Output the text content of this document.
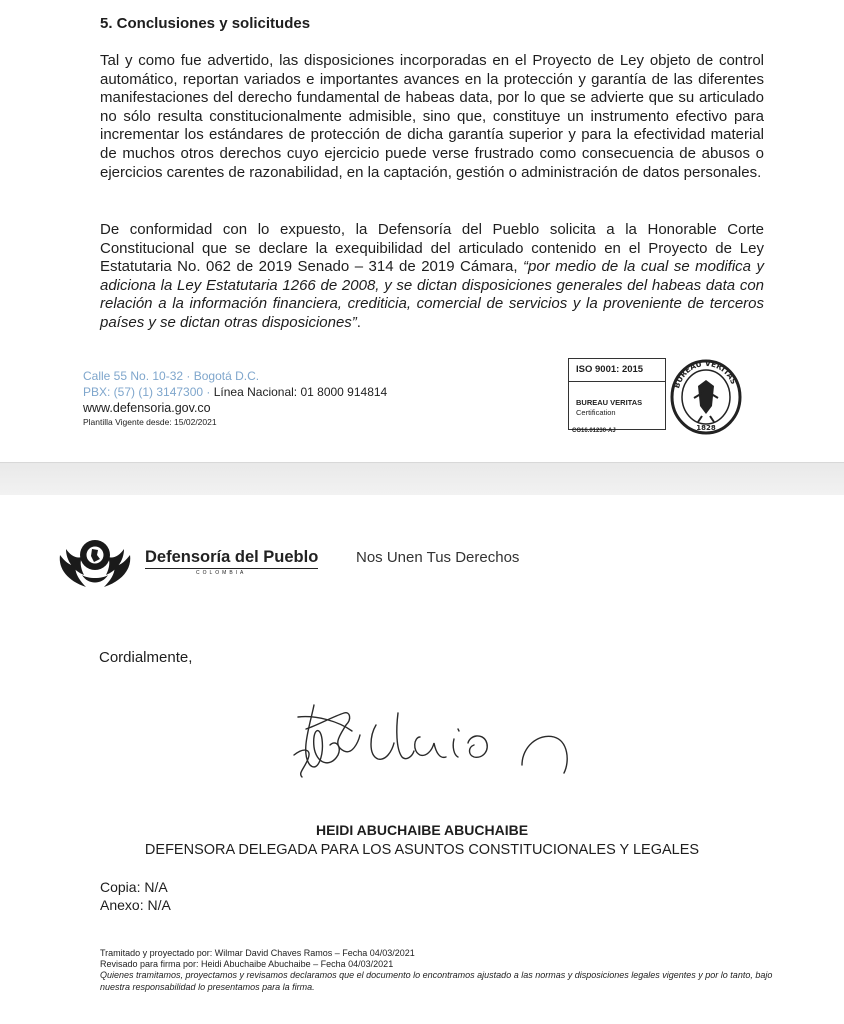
5. Conclusiones y solicitudes

Tal y como fue advertido, las disposiciones incorporadas en el Proyecto de Ley objeto de control automático, reportan variados e importantes avances en la protección y garantía de las diferentes manifestaciones del derecho fundamental de habeas data, por lo que se advierte que su articulado no sólo resulta constitucionalmente admisible, sino que, constituye un instrumento efectivo para incrementar los estándares de protección de dicha garantía superior y para la efectividad material de muchos otros derechos cuyo ejercicio puede verse frustrado como consecuencia de abusos o ejercicios carentes de razonabilidad, en la captación, gestión o administración de datos personales.

De conformidad con lo expuesto, la Defensoría del Pueblo solicita a la Honorable Corte Constitucional que se declare la exequibilidad del articulado contenido en el Proyecto de Ley Estatutaria No. 062 de 2019 Senado – 314 de 2019 Cámara, “por medio de la cual se modifica y adiciona la Ley Estatutaria 1266 de 2008, y se dictan disposiciones generales del habeas data con relación a la información financiera, crediticia, comercial de servicios y la proveniente de terceros países y se dictan otras disposiciones”.

Calle 55 No. 10-32 · Bogotá D.C.
PBX: (57) (1) 3147300 · Línea Nacional: 01 8000 914814
www.defensoria.gov.co
Plantilla Vigente desde: 15/02/2021
ISO 9001: 2015
BUREAU VERITAS
Certification
CO16.01230-AJ
BUREAU VERITAS
1828
Defensoría del Pueblo
COLOMBIA
Nos Unen Tus Derechos
Cordialmente,
HEIDI ABUCHAIBE ABUCHAIBE
DEFENSORA DELEGADA PARA LOS ASUNTOS CONSTITUCIONALES Y LEGALES
Copia: N/A
Anexo: N/A
Tramitado y proyectado por: Wilmar David Chaves Ramos – Fecha 04/03/2021
Revisado para firma por: Heidi Abuchaibe Abuchaibe – Fecha 04/03/2021
Quienes tramitamos, proyectamos y revisamos declaramos que el documento lo encontramos ajustado a las normas y disposiciones legales vigentes y por lo tanto, bajo nuestra responsabilidad lo presentamos para la firma.
